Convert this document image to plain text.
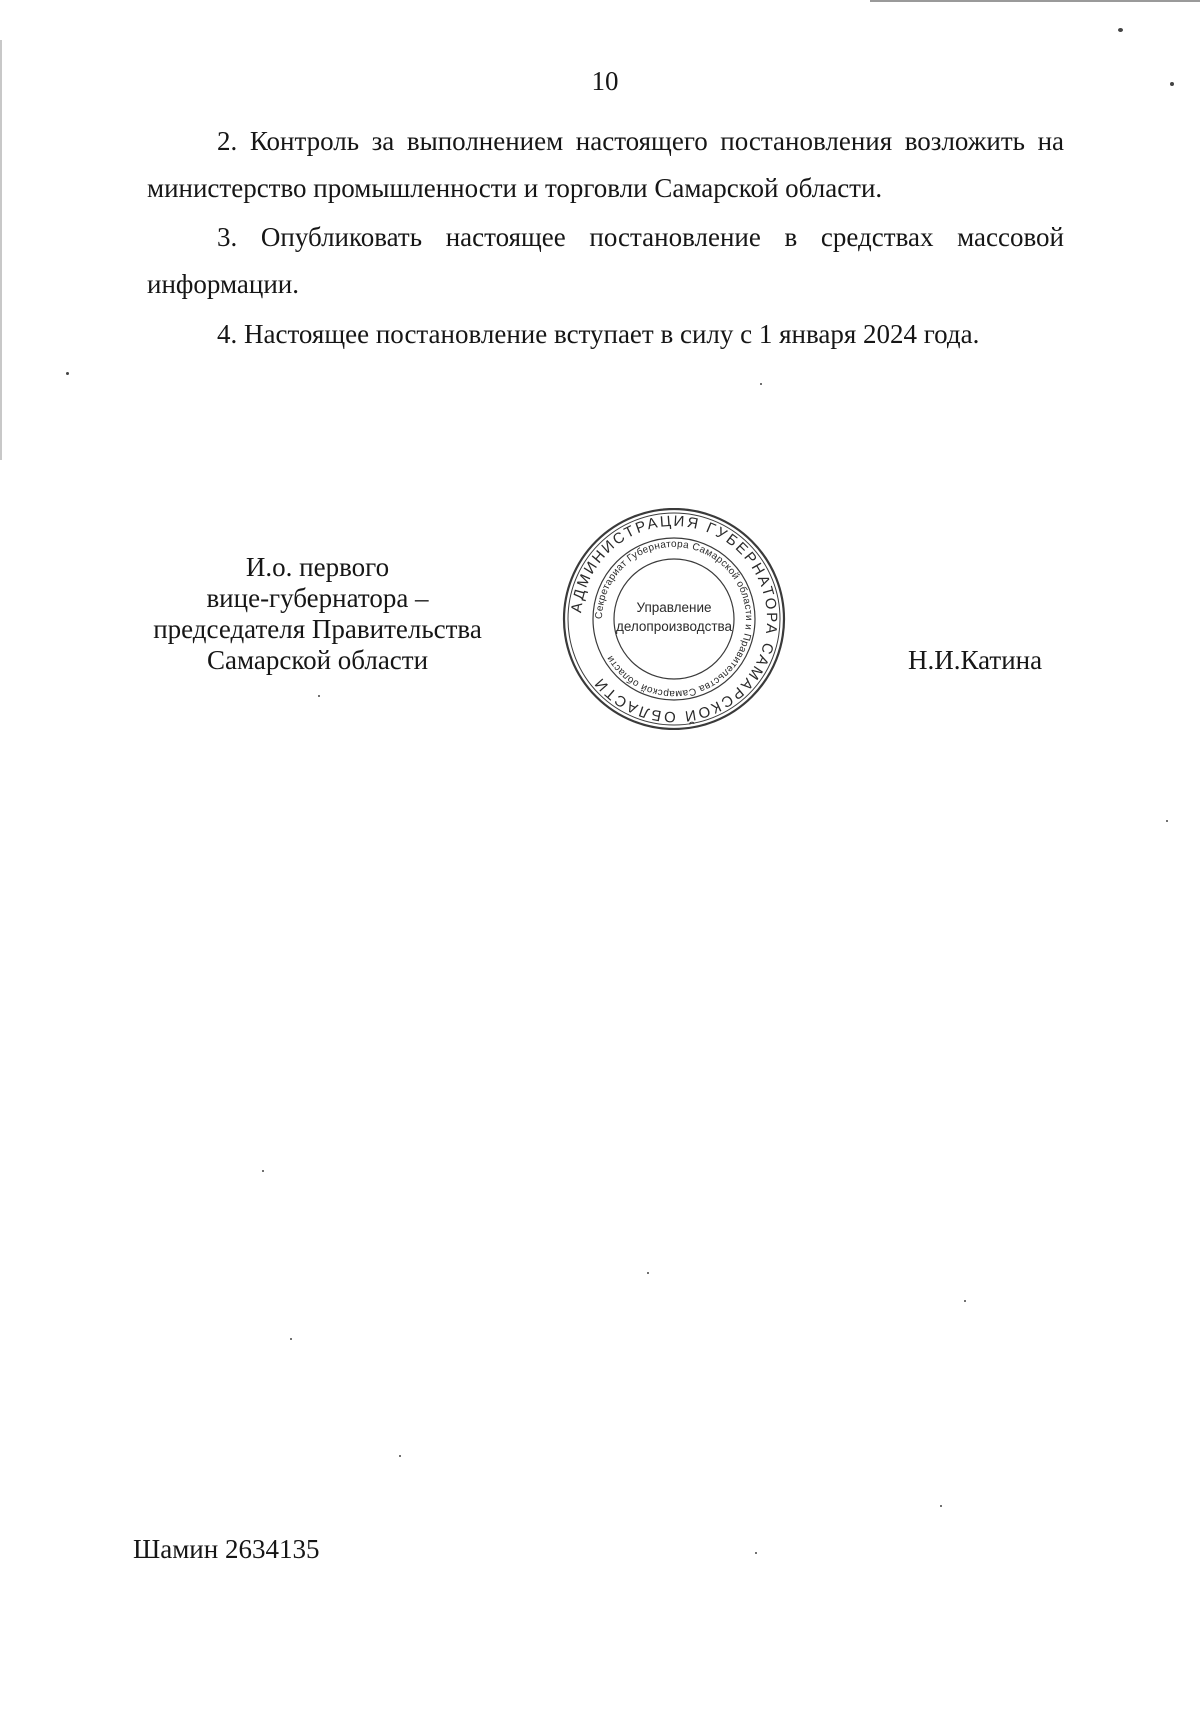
10

2. Контроль за выполнением настоящего постановления возложить на министерство промышленности и торговли Самарской области.

3. Опубликовать настоящее постановление в средствах массовой информации.

4. Настоящее постановление вступает в силу с 1 января 2024 года.

И.о. первого
вице-губернатора –
председателя Правительства
Самарской области
АДМИНИСТРАЦИЯ ГУБЕРНАТОРА САМАРСКОЙ ОБЛАСТИ
Секретариат Губернатора Самарской области и Правительства Самарской области
Управление
делопроизводства
Н.И.Катина
Шамин 2634135
